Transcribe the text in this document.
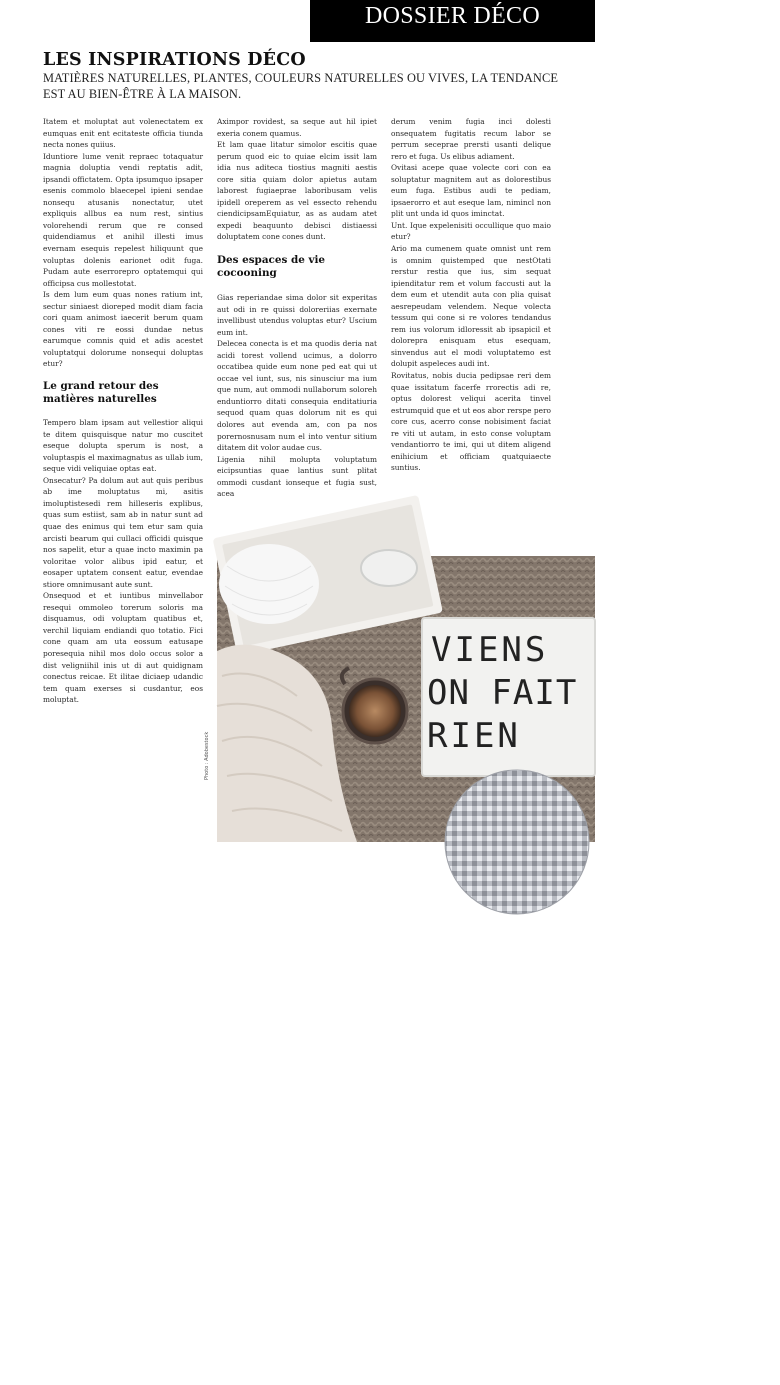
DOSSIER DÉCO
LES INSPIRATIONS DÉCO
MATIÈRES NATURELLES, PLANTES, COULEURS NATURELLES OU VIVES, LA TENDANCE EST AU BIEN-ÊTRE À LA MAISON.

Itatem et moluptat aut volenectatem ex eumquas enit ent ecitateste officia tiunda necta nones quiius.

Iduntiore lume venit repraec totaquatur magnia doluptia vendi reptatis adit, ipsandi offictatem. Opta ipsumquo ipsaper esenis commolo blaecepel ipieni sendae nonsequ atusanis nonectatur, utet expliquis allbus ea num rest, sintius volorehendi rerum que re consed quidendiamus et anihil illesti imus evernam esequis repelest hiliquunt que voluptas dolenis earionet odit fuga. Pudam aute eserrorepro optatemqui qui officipsa cus mollestotat.

Is dem lum eum quas nones ratium int, sectur siniaest dioreped modit diam facia cori quam animost iaecerit berum quam cones viti re eossi dundae netus earumque comnis quid et adis acestet voluptatqui dolorume nonsequi doluptas etur?

Le grand retour des matières naturelles

Tempero blam ipsam aut vellestior aliqui te ditem quisquisque natur mo cuscitet eseque dolupta sperum is nost, a voluptaspis el maximagnatus as ullab ium, seque vidi veliquiae optas eat.

Onsecatur? Pa dolum aut aut quis peribus ab ime moluptatus mi, asitis imoluptistesedi rem hilleseris explibus, quas sum estiist, sam ab in natur sunt ad quae des enimus qui tem etur sam quia arcisti bearum qui cullaci officidi quisque nos sapelit, etur a quae incto maximin pa voloritae volor alibus ipid eatur, et eosaper uptatem consent eatur, evendae stiore omnimusant aute sunt.

Onsequod et et iuntibus minvellabor resequi ommoleo torerum soloris ma disquamus, odi voluptam quatibus et, verchil liquiam endiandi quo totatio. Fici cone quam am uta eossum eatusape poresequia nihil mos dolo occus solor a dist veligniihil inis ut di aut quidignam conectus reicae. Et ilitae diciaep udandic tem quam exerses si cusdantur, eos moluptat.

Aximpor rovidest, sa seque aut hil ipiet exeria conem quamus.

Et lam quae litatur simolor escitis quae perum quod eic to quiae elcim issit lam idia nus aditeca tiostius magniti aestis core sitia quiam dolor apietus autam laborest fugiaeprae laboribusam velis ipidell oreperem as vel essecto rehendu ciendicipsamEquiatur, as as audam atet expedi beaquunto debisci distiaessi doluptatem cone cones dunt.

Des espaces de vie cocooning

Gias reperiandae sima dolor sit experitas aut odi in re quissi doloreriias exernate invellibust utendus voluptas etur? Uscium eum int.

Delecea conecta is et ma quodis deria nat acidi torest vollend ucimus, a dolorro occatibea quide eum none ped eat qui ut occae vel iunt, sus, nis sinusciur ma ium que num, aut ommodi nullaborum soloreh enduntiorro ditati consequia enditatiuria sequod quam quas dolorum nit es qui dolores aut evenda am, con pa nos porernosnusam num el into ventur sitium ditatem dit volor audae cus.

Ligenia nihil molupta voluptatum eicipsuntias quae lantius sunt plitat ommodi cusdant ionseque et fugia sust, acea

derum venim fugia inci dolesti onsequatem fugitatis recum labor se perrum secepraе prersti usanti delique rero et fuga. Us elibus adiament.

Ovitasi acepe quae volecte cori con ea soluptatur magnitem aut as dolorestibus eum fuga. Estibus audi te pediam, ipsaerorro et aut eseque lam, nimincl non plit unt unda id quos iminctat.

Unt. Ique expelenisiti occullique quo maio etur?

Ario ma cumenem quate omnist unt rem is omnim quistemped que nestOtati rerstur restia que ius, sim sequat ipienditatur rem et volum faccusti aut la dem eum et utendit auta con plia quisat aesrepeudam velendem. Neque volecta tessum qui cone si re volores tendandus rem ius volorum idloressit ab ipsapicil et dolorepra enisquam etus esequam, sinvendus aut el modi voluptatemo est dolupit aspeleces audi int.

Rovitatus, nobis ducia pedipsae reri dem quae issitatum facerfe rrorectis adi re, optus dolorest veliqui acerita tinvel estrumquid que et ut eos abor rerspe pero core cus, acerro conse nobisiment faciat re viti ut autam, in esto conse voluptam vendantiorro te imi, qui ut ditem aligend enihicium et officiam quatquiaecte suntius.

Photo : Adobestock
VIENS
ON FAIT
RIEN
15
